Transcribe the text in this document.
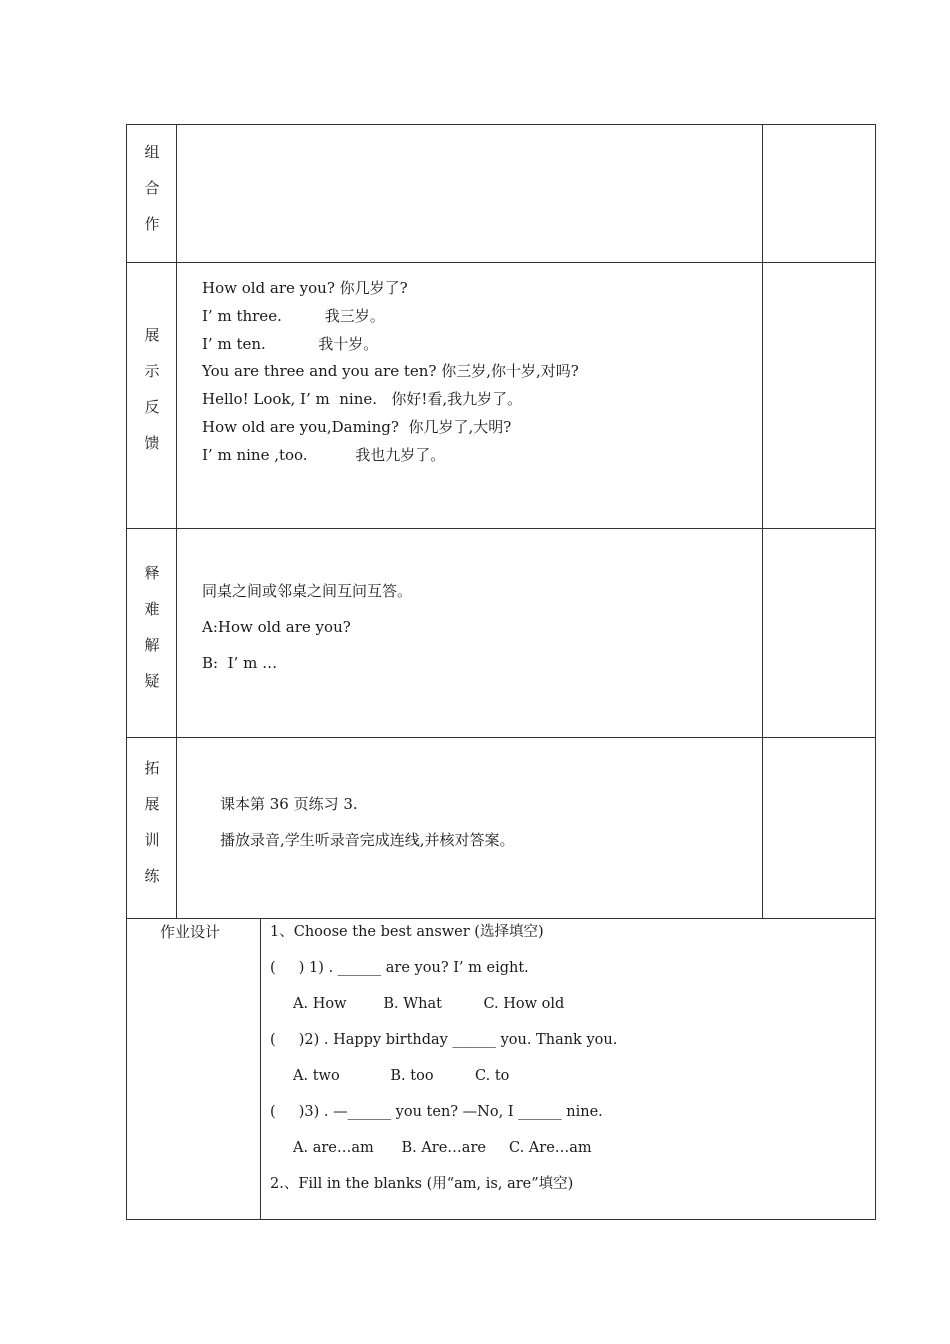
组
合
作
展
示
反
馈
How old are you? 你几岁了?
I’ m three.         我三岁。
I’ m ten.           我十岁。
You are three and you are ten? 你三岁,你十岁,对吗?
Hello! Look, I’ m  nine.   你好!看,我九岁了。
How old are you,Daming?  你几岁了,大明?
I’ m nine ,too.          我也九岁了。
释
难
解
疑
同桌之间或邻桌之间互问互答。
A:How old are you?
B:  I’ m …
拓
展
训
练
课本第 36 页练习 3.
播放录音,学生听录音完成连线,并核对答案。
作业设计	1、Choose the best answer (选择填空)
(     ) 1) . ______ are you? I’ m eight.
A. How        B. What         C. How old
(     )2) . Happy birthday ______ you. Thank you.
A. two           B. too         C. to
(     )3) . —______ you ten? —No, I ______ nine.
A. are…am      B. Are…are     C. Are…am
2.、Fill in the blanks (用“am, is, are”填空)
